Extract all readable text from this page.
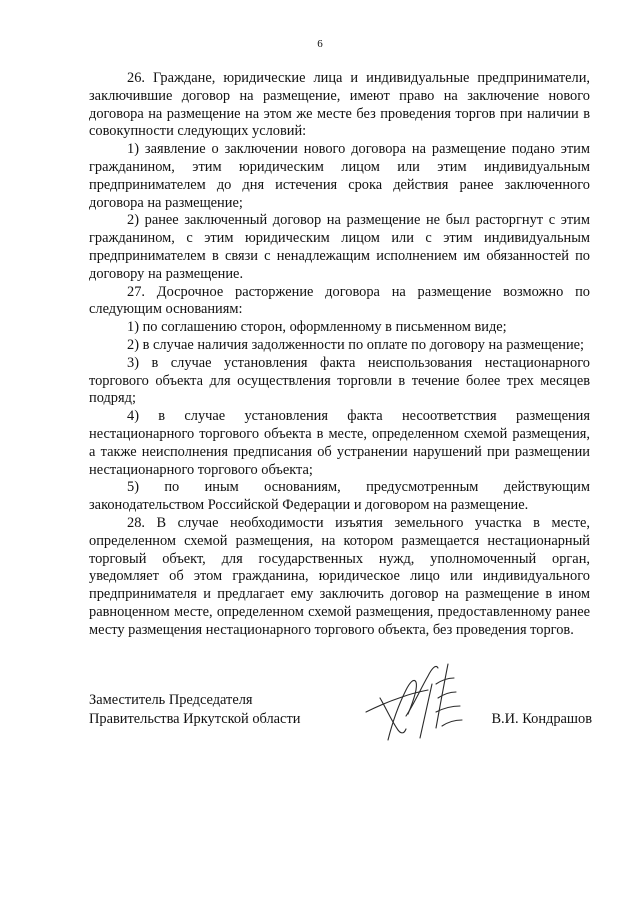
6

26. Граждане, юридические лица и индивидуальные предприниматели, заключившие договор на размещение, имеют право на заключение нового договора на размещение на этом же месте без проведения торгов при наличии в совокупности следующих условий:

1) заявление о заключении нового договора на размещение подано этим гражданином, этим юридическим лицом или этим индивидуальным предпринимателем до дня истечения срока действия ранее заключенного договора на размещение;

2) ранее заключенный договор на размещение не был расторгнут с этим гражданином, с этим юридическим лицом или с этим индивидуальным предпринимателем в связи с ненадлежащим исполнением им обязанностей по договору на размещение.

27. Досрочное расторжение договора на размещение возможно по следующим основаниям:

1) по соглашению сторон, оформленному в письменном виде;

2) в случае наличия задолженности по оплате по договору на размещение;

3) в случае установления факта неиспользования нестационарного торгового объекта для осуществления торговли в течение более трех месяцев подряд;

4) в случае установления факта несоответствия размещения нестационарного торгового объекта в месте, определенном схемой размещения, а также неисполнения предписания об устранении нарушений при размещении нестационарного торгового объекта;

5) по иным основаниям, предусмотренным действующим законодательством Российской Федерации и договором на размещение.

28. В случае необходимости изъятия земельного участка в месте, определенном схемой размещения, на котором размещается нестационарный торговый объект, для государственных нужд, уполномоченный орган, уведомляет об этом гражданина, юридическое лицо или индивидуального предпринимателя и предлагает ему заключить договор на размещение в ином равноценном месте, определенном схемой размещения, предоставленному ранее месту размещения нестационарного торгового объекта, без проведения торгов.

Заместитель Председателя
Правительства Иркутской области	В.И. Кондрашов
